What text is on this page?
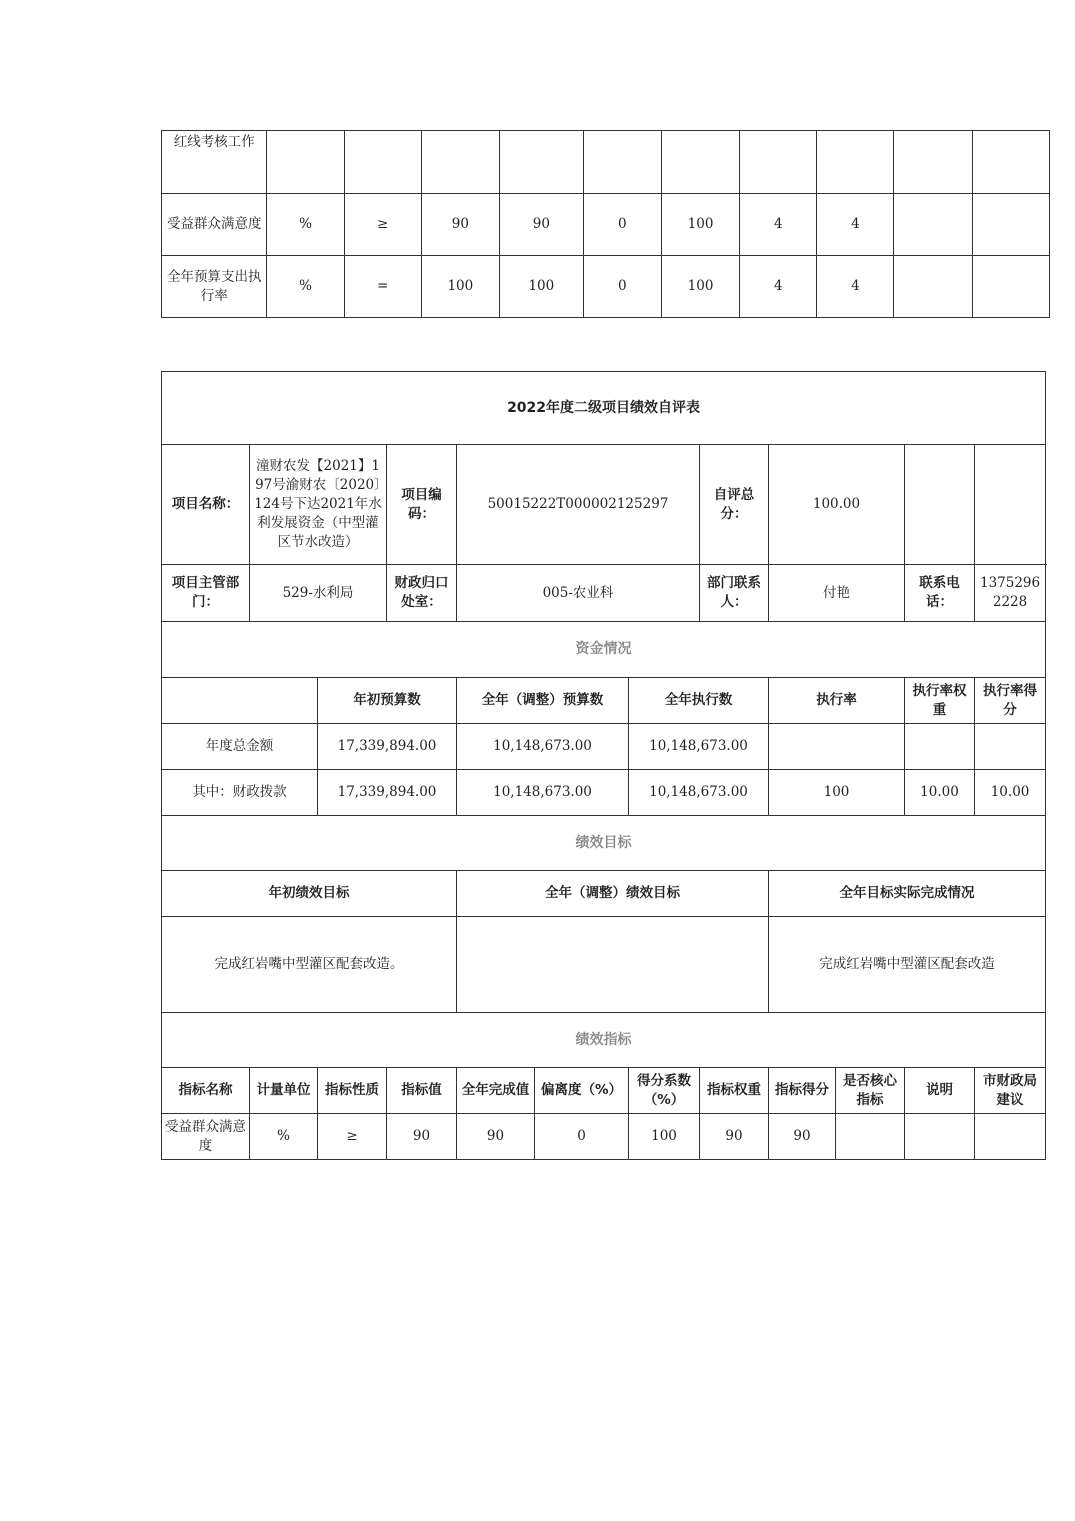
红线考核工作										
受益群众满意度	%	≥	90	90	0	100	4	4		
全年预算支出执行率	%	=	100	100	0	100	4	4		
2022年度二级项目绩效自评表											
项目名称：	潼财农发【2021】197号渝财农〔2020〕124号下达2021年水利发展资金（中型灌区节水改造）		项目编码：	50015222T000002125297			自评总分：	100.00			
项目主管部门：	529-水利局		财政归口处室：	005-农业科			部门联系人：	付艳		联系电话：	13752962228
资金情况											
		年初预算数		全年（调整）预算数		全年执行数		执行率		执行率权重	执行率得分
年度总金额		17,339,894.00		10,148,673.00		10,148,673.00					
其中：财政拨款		17,339,894.00		10,148,673.00		10,148,673.00		100		10.00	10.00
绩效目标											
年初绩效目标				全年（调整）绩效目标				全年目标实际完成情况			
完成红岩嘴中型灌区配套改造。								完成红岩嘴中型灌区配套改造			
绩效指标											
指标名称	计量单位	指标性质	指标值	全年完成值	偏离度（%）	得分系数（%）	指标权重	指标得分	是否核心指标	说明	市财政局建议
受益群众满意度	%	≥	90	90	0	100	90	90			
